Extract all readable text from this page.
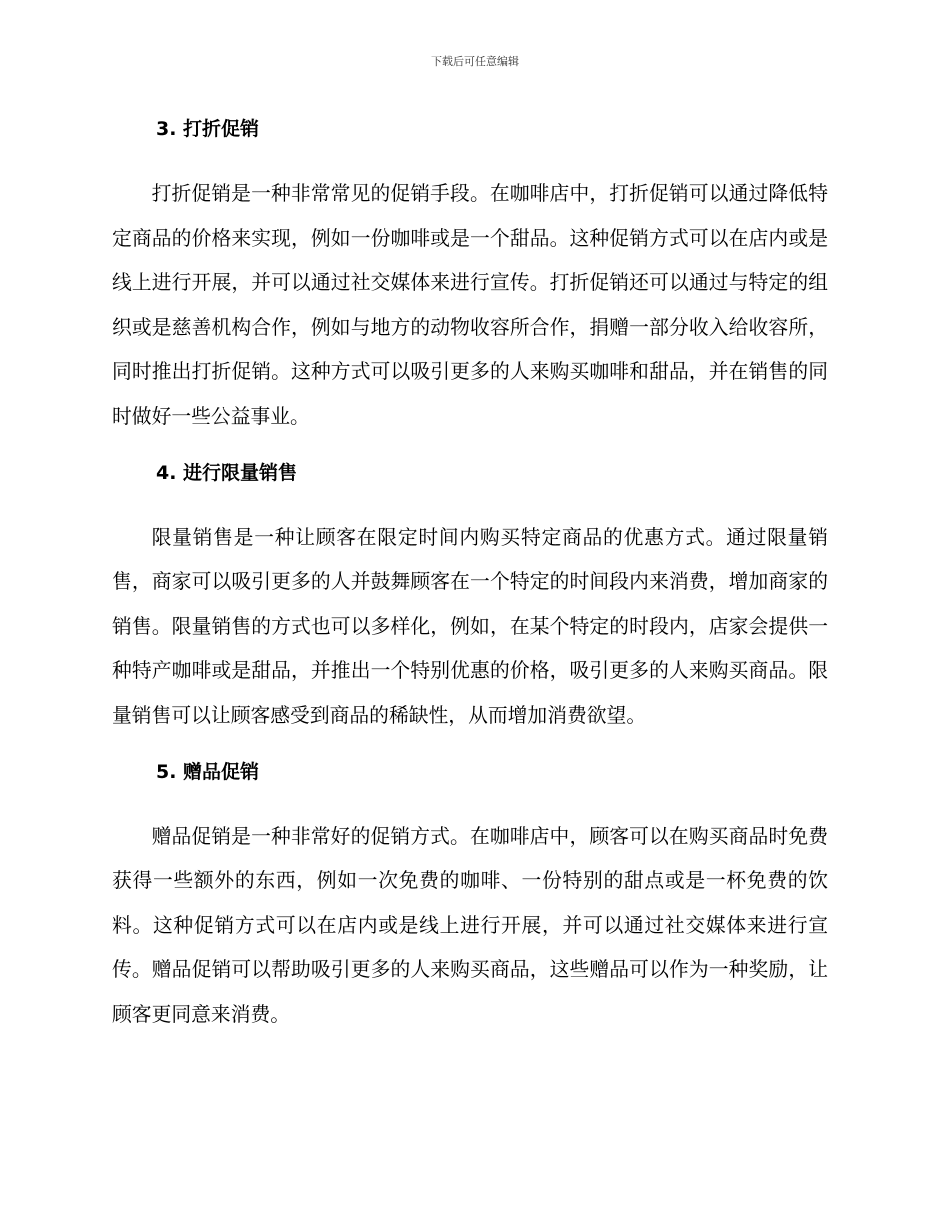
下载后可任意编辑
3. 打折促销

打折促销是一种非常常见的促销手段。在咖啡店中，打折促销可以通过降低特定商品的价格来实现，例如一份咖啡或是一个甜品。这种促销方式可以在店内或是线上进行开展，并可以通过社交媒体来进行宣传。打折促销还可以通过与特定的组织或是慈善机构合作，例如与地方的动物收容所合作，捐赠一部分收入给收容所，同时推出打折促销。这种方式可以吸引更多的人来购买咖啡和甜品，并在销售的同时做好一些公益事业。

4. 进行限量销售

限量销售是一种让顾客在限定时间内购买特定商品的优惠方式。通过限量销售，商家可以吸引更多的人并鼓舞顾客在一个特定的时间段内来消费，增加商家的销售。限量销售的方式也可以多样化，例如，在某个特定的时段内，店家会提供一种特产咖啡或是甜品，并推出一个特别优惠的价格，吸引更多的人来购买商品。限量销售可以让顾客感受到商品的稀缺性，从而增加消费欲望。

5. 赠品促销

赠品促销是一种非常好的促销方式。在咖啡店中，顾客可以在购买商品时免费获得一些额外的东西，例如一次免费的咖啡、一份特别的甜点或是一杯免费的饮料。这种促销方式可以在店内或是线上进行开展，并可以通过社交媒体来进行宣传。赠品促销可以帮助吸引更多的人来购买商品，这些赠品可以作为一种奖励，让顾客更同意来消费。
